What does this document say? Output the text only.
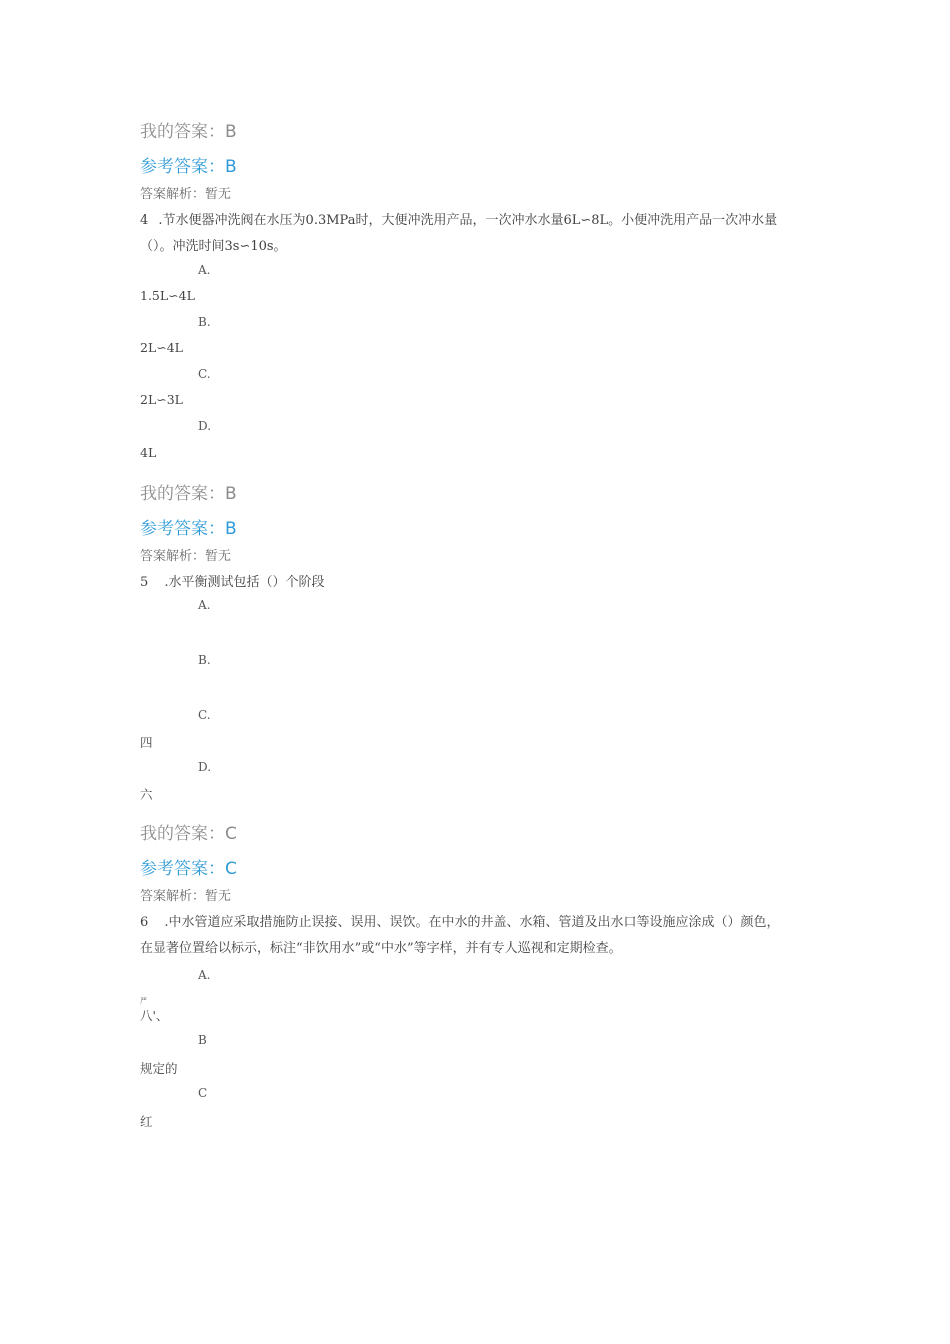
我的答案：B
参考答案：B
答案解析：暂无
4 .节水便器冲洗阀在水压为0.3MPa时，大便冲洗用产品，一次冲水水量6L∽8L。小便冲洗用产品一次冲水量
（）。冲洗时间3s∽10s。
A.
1.5L∽4L
B.
2L∽4L
C.
2L∽3L
D.
4L
我的答案：B
参考答案：B
答案解析：暂无
5 .水平衡测试包括（）个阶段
A.
B.
C.
四
D.
六
我的答案：C
参考答案：C
答案解析：暂无
6 .中水管道应采取措施防止误接、误用、误饮。在中水的井盖、水箱、管道及出水口等设施应涂成（）颜色，
在显著位置给以标示，标注“非饮用水”或“中水”等字样，并有专人巡视和定期检查。
A.
严
八'、
B
规定的
C
红
